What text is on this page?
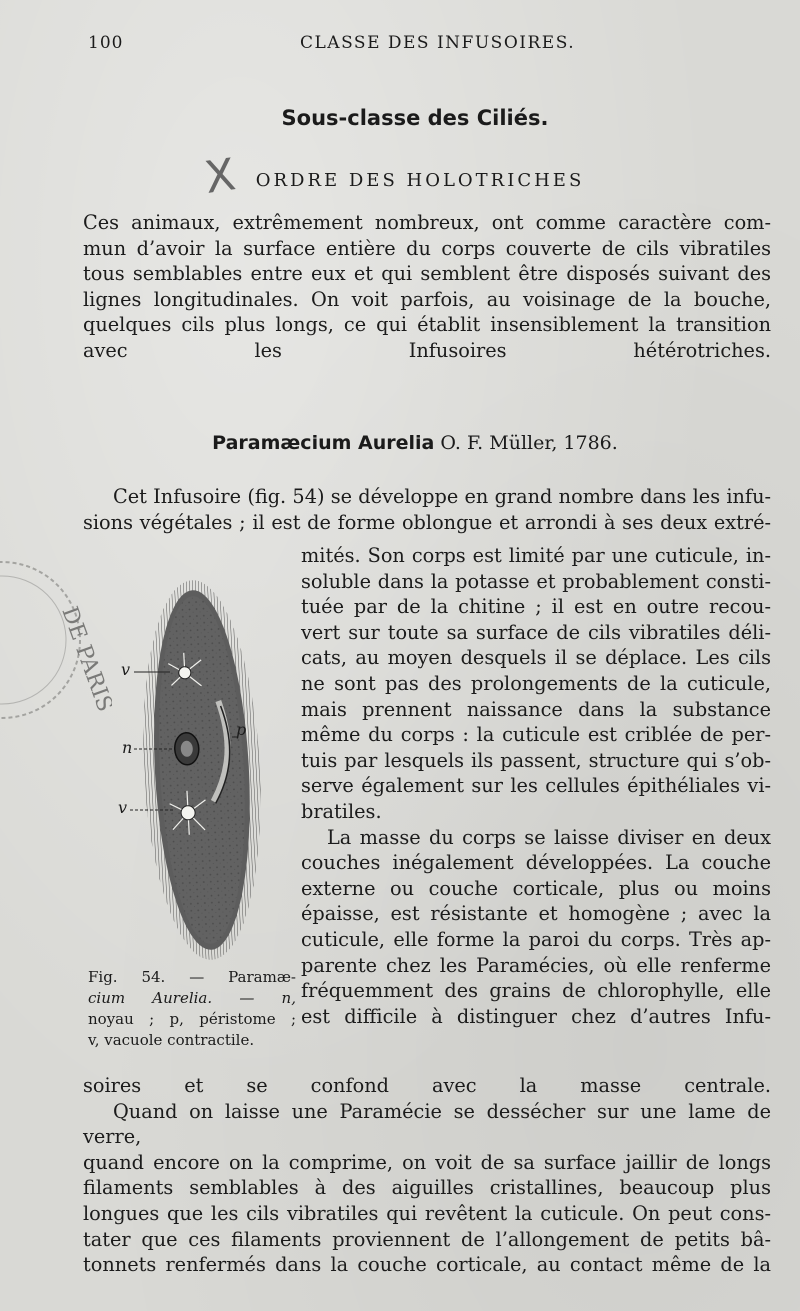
100	CLASSE DES INFUSOIRES.
Sous-classe des Ciliés.
X ORDRE DES HOLOTRICHES
Ces animaux, extrêmement nombreux, ont comme caractère com-
mun d’avoir la surface entière du corps couverte de cils vibratiles
tous semblables entre eux et qui semblent être disposés suivant des
lignes longitudinales. On voit parfois, au voisinage de la bouche,
quelques cils plus longs, ce qui établit insensiblement la transition
avec les Infusoires hétérotriches.
Paramæcium Aurelia O. F. Müller, 1786.
Cet Infusoire (fig. 54) se développe en grand nombre dans les infu-
sions végétales ; il est de forme oblongue et arrondi à ses deux extré-
DE PARIS v
n
v
p
Fig. 54. — Paramæ-
cium Aurelia. — n,
noyau ; p, péristome ;
v, vacuole contractile.
mités. Son corps est limité par une cuticule, in-
soluble dans la potasse et probablement consti-
tuée par de la chitine ; il est en outre recou-
vert sur toute sa surface de cils vibratiles déli-
cats, au moyen desquels il se déplace. Les cils
ne sont pas des prolongements de la cuticule,
mais prennent naissance dans la substance
même du corps : la cuticule est criblée de per-
tuis par lesquels ils passent, structure qui s’ob-
serve également sur les cellules épithéliales vi-
bratiles.
La masse du corps se laisse diviser en deux
couches inégalement développées. La couche
externe ou couche corticale, plus ou moins
épaisse, est résistante et homogène ; avec la
cuticule, elle forme la paroi du corps. Très ap-
parente chez les Paramécies, où elle renferme
fréquemment des grains de chlorophylle, elle
est difficile à distinguer chez d’autres Infu-
soires et se confond avec la masse centrale.
Quand on laisse une Paramécie se dessécher sur une lame de verre,
quand encore on la comprime, on voit de sa surface jaillir de longs
filaments semblables à des aiguilles cristallines, beaucoup plus
longues que les cils vibratiles qui revêtent la cuticule. On peut cons-
tater que ces filaments proviennent de l’allongement de petits bâ-
tonnets renfermés dans la couche corticale, au contact même de la
